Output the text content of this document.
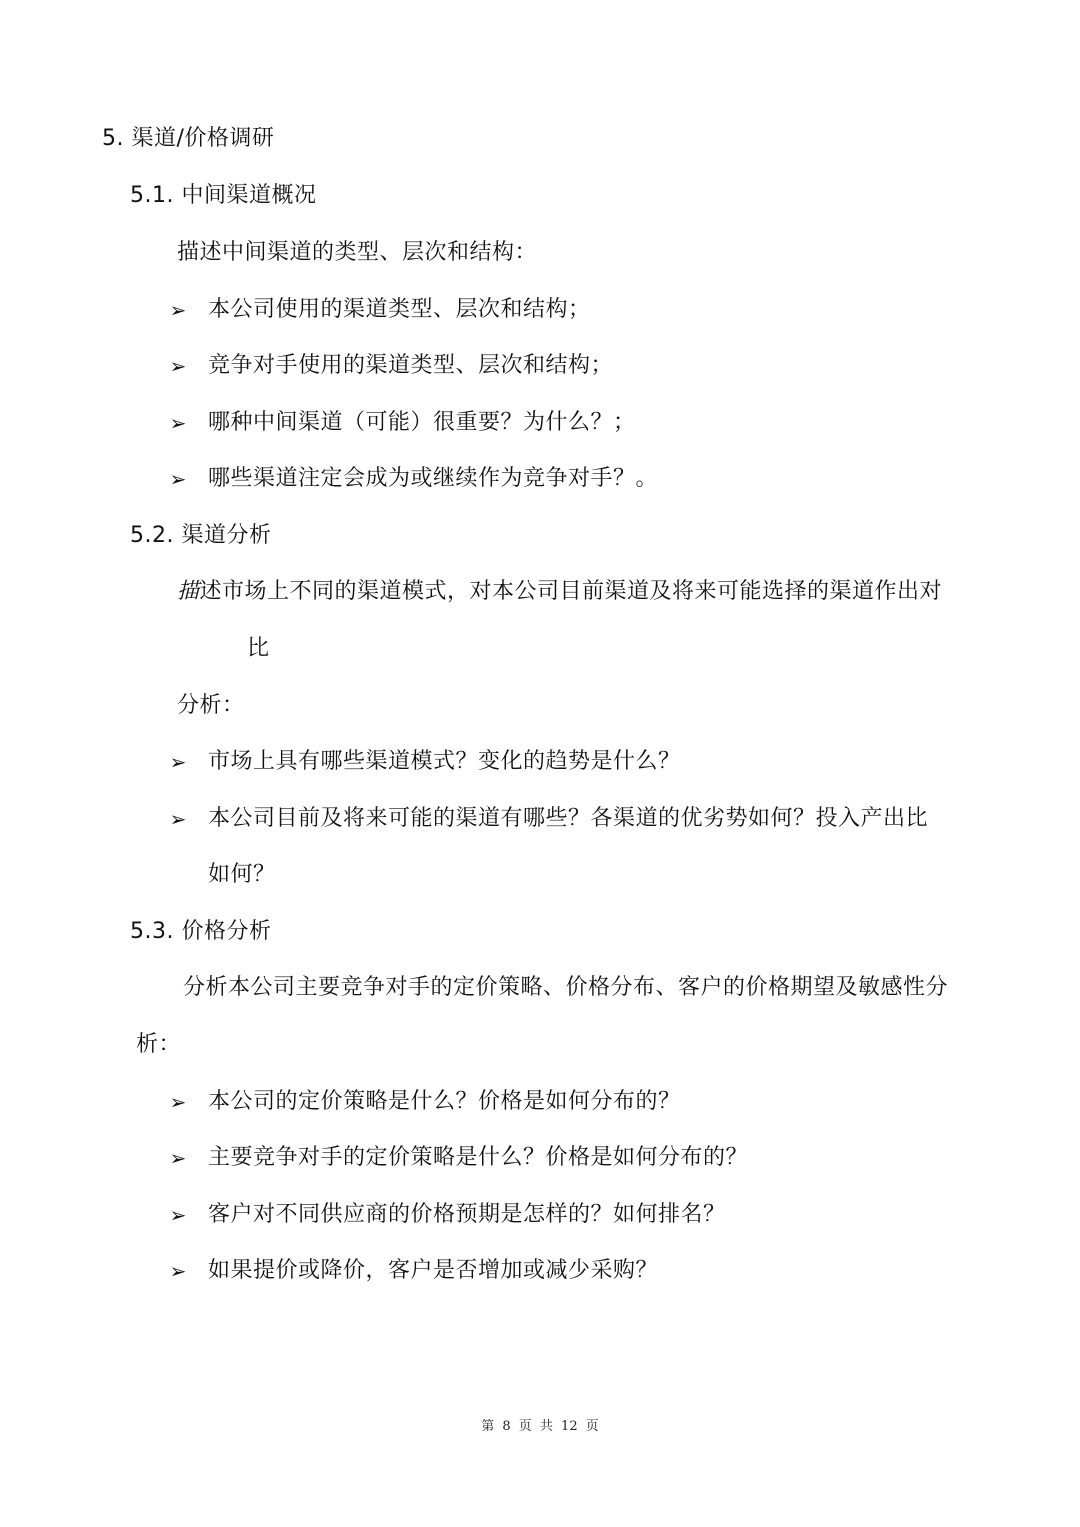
5. 渠道/价格调研
5.1. 中间渠道概况
描述中间渠道的类型、层次和结构：
➢ 本公司使用的渠道类型、层次和结构；
➢ 竞争对手使用的渠道类型、层次和结构；
➢ 哪种中间渠道（可能）很重要？为什么？；
➢ 哪些渠道注定会成为或继续作为竞争对手？。
5.2. 渠道分析
描述市场上不同的渠道模式，对本公司目前渠道及将来可能选择的渠道作出对
比
分析：
➢ 市场上具有哪些渠道模式？变化的趋势是什么？
➢ 本公司目前及将来可能的渠道有哪些？各渠道的优劣势如何？投入产出比
如何？
5.3. 价格分析
分析本公司主要竞争对手的定价策略、价格分布、客户的价格期望及敏感性分
析：
➢ 本公司的定价策略是什么？价格是如何分布的？
➢ 主要竞争对手的定价策略是什么？价格是如何分布的？
➢ 客户对不同供应商的价格预期是怎样的？如何排名？
➢ 如果提价或降价，客户是否增加或减少采购？
第 8 页 共 12 页
